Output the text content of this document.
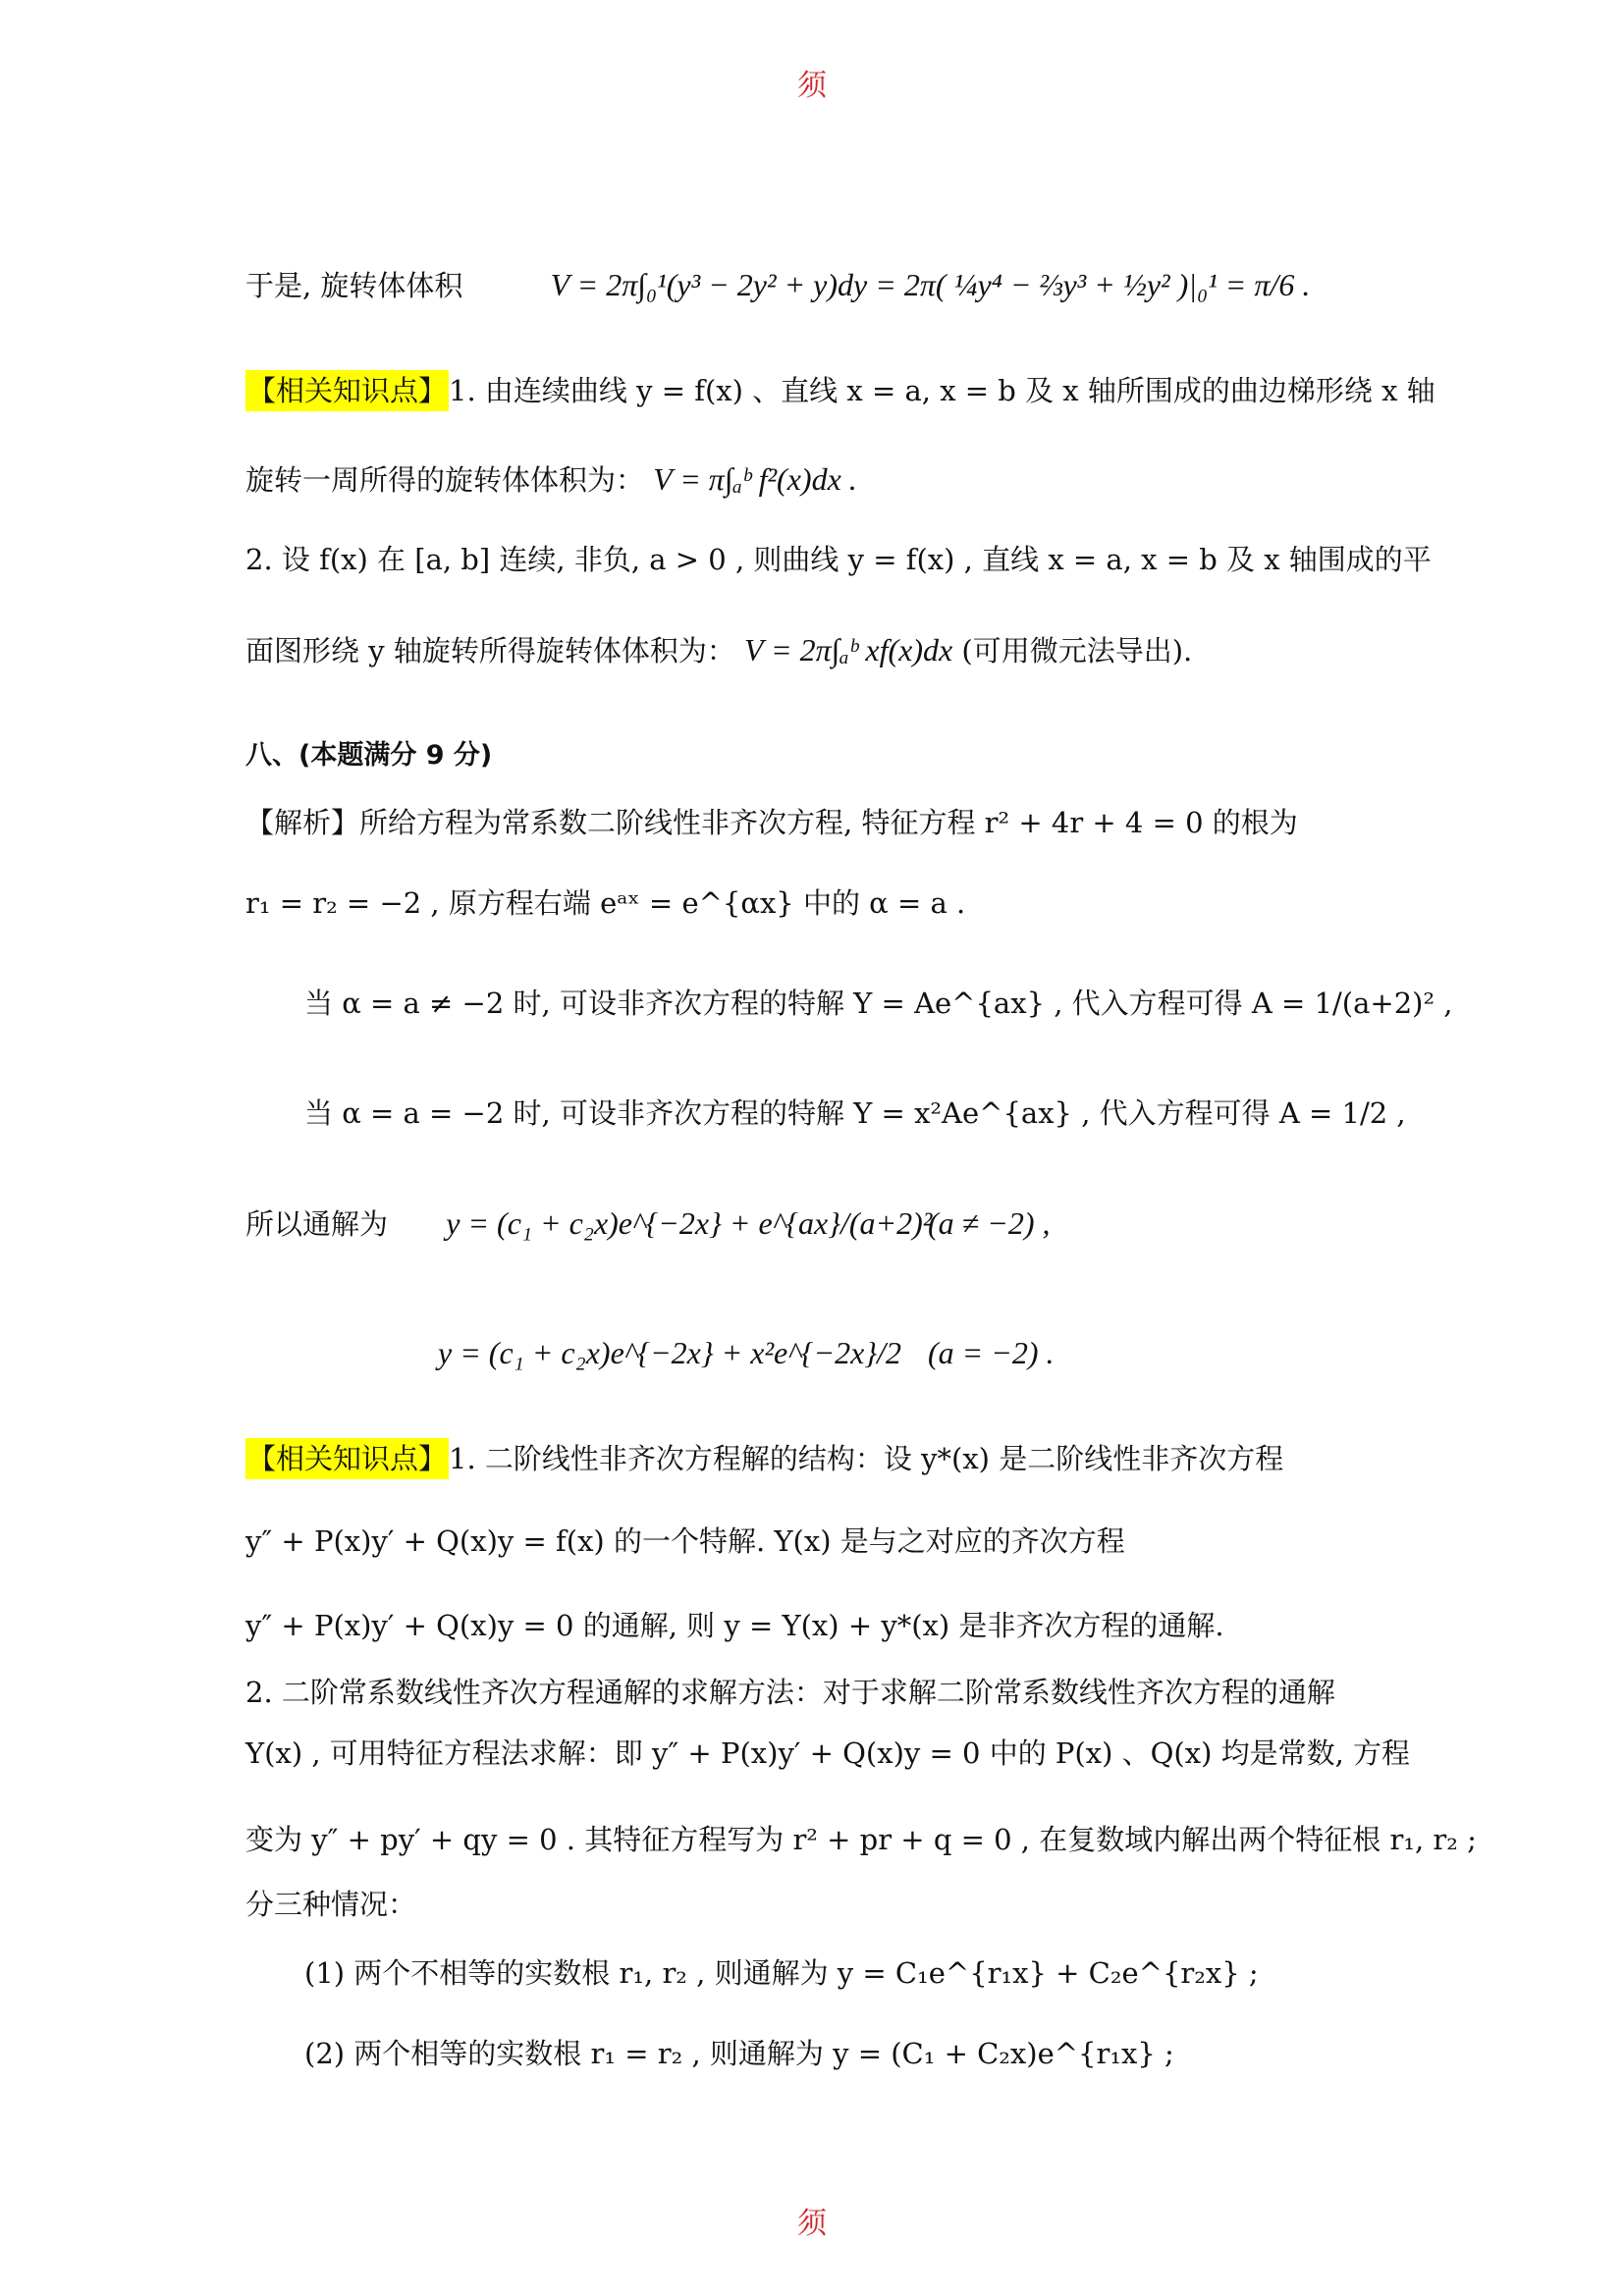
须
于是, 旋转体体积	V = 2π∫₀¹(y³ − 2y² + y)dy = 2π( ¼y⁴ − ⅔y³ + ½y² )|₀¹ = π/6 .
【相关知识点】1. 由连续曲线 y = f(x) 、直线 x = a, x = b 及 x 轴所围成的曲边梯形绕 x 轴
旋转一周所得的旋转体体积为： V = π∫ₐᵇ f²(x)dx .
2. 设 f(x) 在 [a, b] 连续, 非负, a > 0 , 则曲线 y = f(x) , 直线 x = a, x = b 及 x 轴围成的平
面图形绕 y 轴旋转所得旋转体体积为： V = 2π∫ₐᵇ xf(x)dx (可用微元法导出).
八、(本题满分 9 分)
【解析】所给方程为常系数二阶线性非齐次方程, 特征方程 r² + 4r + 4 = 0 的根为
r₁ = r₂ = −2 , 原方程右端 eᵃˣ = e^{αx} 中的 α = a .
当 α = a ≠ −2 时, 可设非齐次方程的特解 Y = Ae^{ax} , 代入方程可得 A = 1/(a+2)² ,
当 α = a = −2 时, 可设非齐次方程的特解 Y = x²Ae^{ax} , 代入方程可得 A = 1/2 ,
所以通解为 y = (c₁ + c₂x)e^{−2x} + e^{ax}/(a+2)²
(a ≠ −2) ,
y = (c₁ + c₂x)e^{−2x} + x²e^{−2x}/2 (a = −2) .
【相关知识点】1. 二阶线性非齐次方程解的结构：设 y*(x) 是二阶线性非齐次方程
y″ + P(x)y′ + Q(x)y = f(x) 的一个特解. Y(x) 是与之对应的齐次方程
y″ + P(x)y′ + Q(x)y = 0 的通解, 则 y = Y(x) + y*(x) 是非齐次方程的通解.
2. 二阶常系数线性齐次方程通解的求解方法：对于求解二阶常系数线性齐次方程的通解
Y(x) , 可用特征方程法求解：即 y″ + P(x)y′ + Q(x)y = 0 中的 P(x) 、Q(x) 均是常数, 方程
变为 y″ + py′ + qy = 0 . 其特征方程写为 r² + pr + q = 0 , 在复数域内解出两个特征根 r₁, r₂ ;
分三种情况：
(1) 两个不相等的实数根 r₁, r₂ , 则通解为 y = C₁e^{r₁x} + C₂e^{r₂x} ;
(2) 两个相等的实数根 r₁ = r₂ , 则通解为 y = (C₁ + C₂x)e^{r₁x} ;
须
